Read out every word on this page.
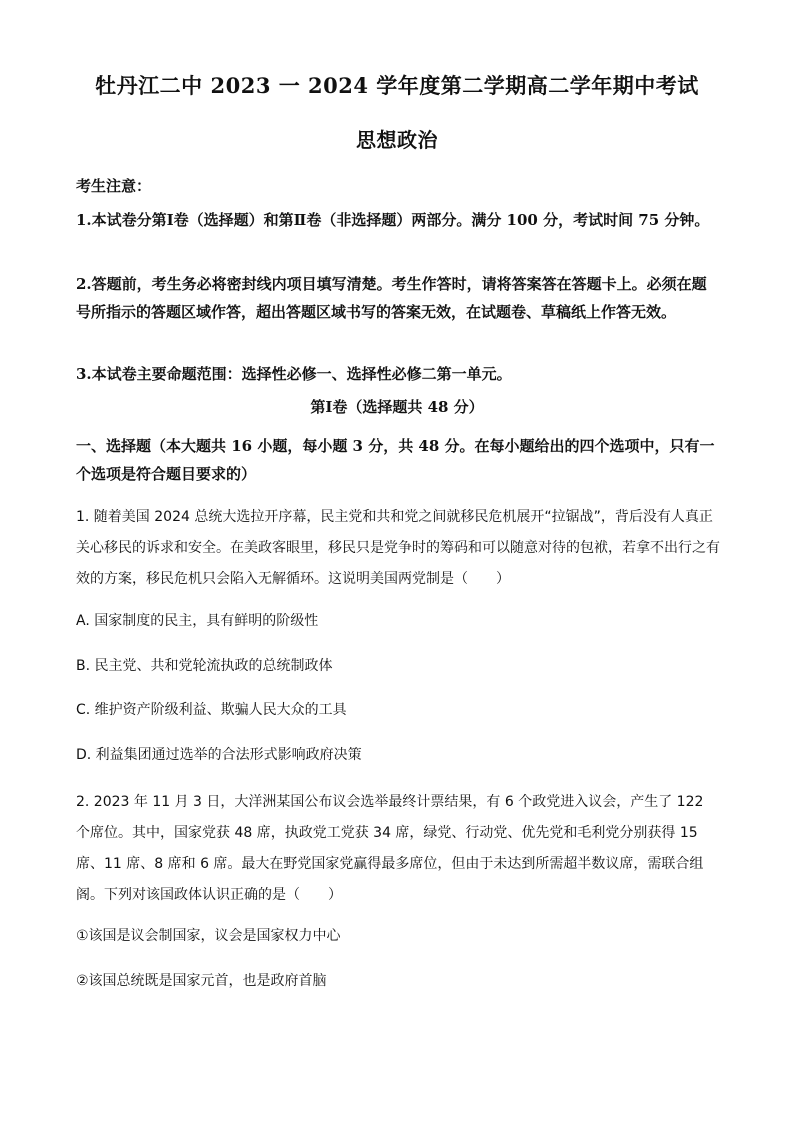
牡丹江二中 2023 一 2024 学年度第二学期高二学年期中考试
思想政治
考生注意：
1.本试卷分第Ⅰ卷（选择题）和第Ⅱ卷（非选择题）两部分。满分 100 分，考试时间 75 分钟。
2.答题前，考生务必将密封线内项目填写清楚。考生作答时，请将答案答在答题卡上。必须在题号所指示的答题区域作答，超出答题区域书写的答案无效，在试题卷、草稿纸上作答无效。
3.本试卷主要命题范围：选择性必修一、选择性必修二第一单元。
第Ⅰ卷（选择题共 48 分）
一、选择题（本大题共 16 小题，每小题 3 分，共 48 分。在每小题给出的四个选项中，只有一个选项是符合题目要求的）
1. 随着美国 2024 总统大选拉开序幕，民主党和共和党之间就移民危机展开“拉锯战”，背后没有人真正关心移民的诉求和安全。在美政客眼里，移民只是党争时的筹码和可以随意对待的包袱，若拿不出行之有效的方案，移民危机只会陷入无解循环。这说明美国两党制是（　　）
A. 国家制度的民主，具有鲜明的阶级性
B. 民主党、共和党轮流执政的总统制政体
C. 维护资产阶级利益、欺骗人民大众的工具
D. 利益集团通过选举的合法形式影响政府决策
2. 2023 年 11 月 3 日，大洋洲某国公布议会选举最终计票结果，有 6 个政党进入议会，产生了 122 个席位。其中，国家党获 48 席，执政党工党获 34 席，绿党、行动党、优先党和毛利党分别获得 15 席、11 席、8 席和 6 席。最大在野党国家党赢得最多席位，但由于未达到所需超半数议席，需联合组阁。下列对该国政体认识正确的是（　　）
①该国是议会制国家，议会是国家权力中心
②该国总统既是国家元首，也是政府首脑
